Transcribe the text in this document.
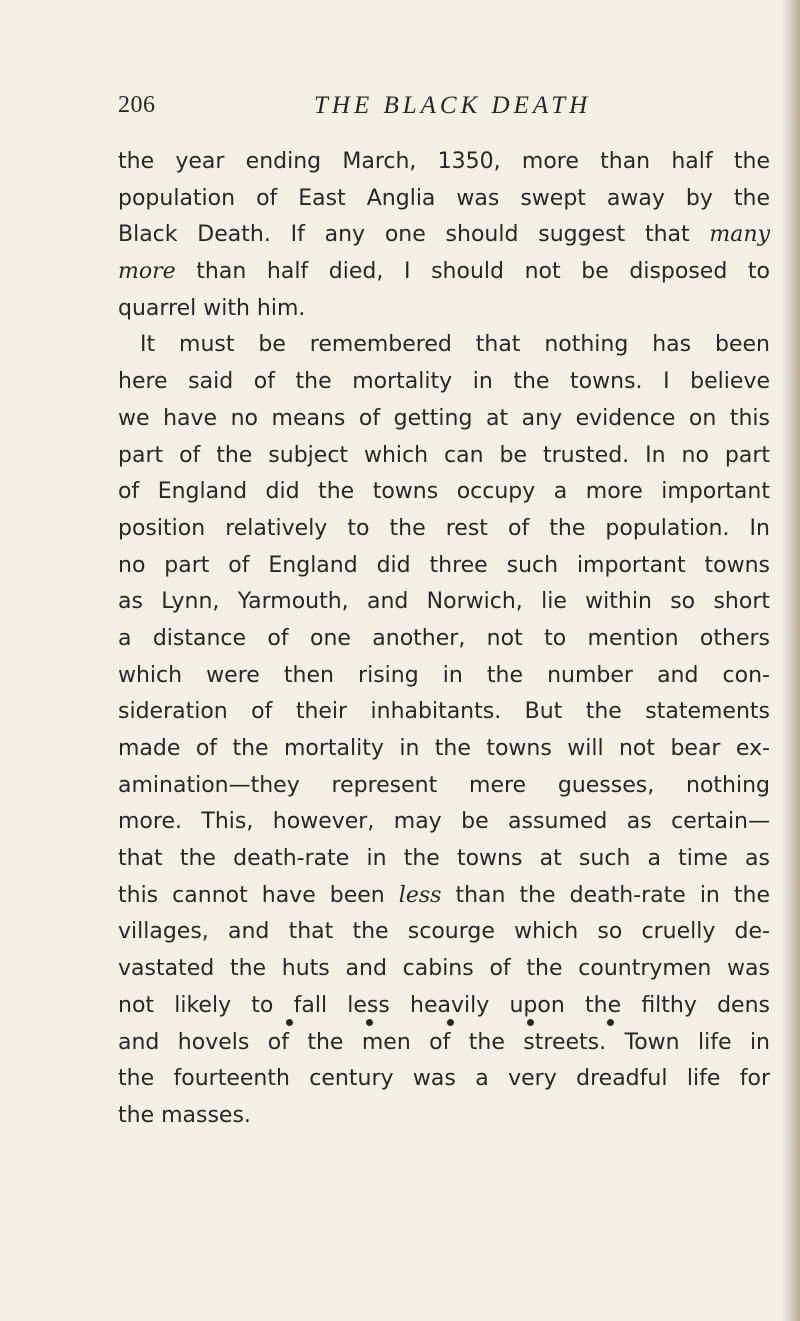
206	THE BLACK DEATH
the year ending March, 1350, more than half the
population of East Anglia was swept away by the
Black Death. If any one should suggest that many
more than half died, I should not be disposed to
quarrel with him.
It must be remembered that nothing has been
here said of the mortality in the towns. I believe
we have no means of getting at any evidence on this
part of the subject which can be trusted. In no part
of England did the towns occupy a more important
position relatively to the rest of the population. In
no part of England did three such important towns
as Lynn, Yarmouth, and Norwich, lie within so short
a distance of one another, not to mention others
which were then rising in the number and con-
sideration of their inhabitants. But the statements
made of the mortality in the towns will not bear ex-
amination—they represent mere guesses, nothing
more. This, however, may be assumed as certain—
that the death-rate in the towns at such a time as
this cannot have been less than the death-rate in the
villages, and that the scourge which so cruelly de-
vastated the huts and cabins of the countrymen was
not likely to fall less heavily upon the filthy dens
and hovels of the men of the streets. Town life in
the fourteenth century was a very dreadful life for
the masses.
